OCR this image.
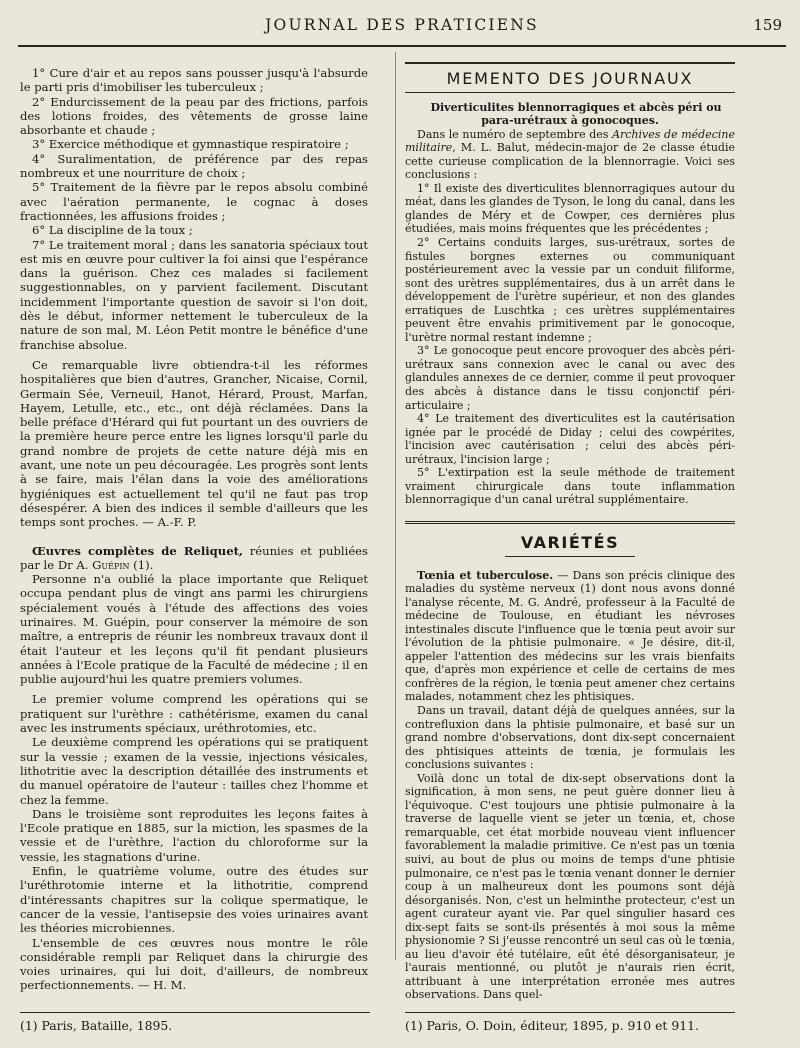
JOURNAL DES PRATICIENS	159

1° Cure d'air et au repos sans pousser jusqu'à l'absurde le parti pris d'imobiliser les tuberculeux ;

2° Endurcissement de la peau par des frictions, parfois des lotions froides, des vêtements de grosse laine absorbante et chaude ;

3° Exercice méthodique et gymnastique respiratoire ;

4° Suralimentation, de préférence par des repas nombreux et une nourriture de choix ;

5° Traitement de la fièvre par le repos absolu combiné avec l'aération permanente, le cognac à doses fractionnées, les affusions froides ;

6° La discipline de la toux ;

7° Le traitement moral ; dans les sanatoria spéciaux tout est mis en œuvre pour cultiver la foi ainsi que l'espérance dans la guérison. Chez ces malades si facilement suggestionnables, on y parvient facilement. Discutant incidemment l'importante question de savoir si l'on doit, dès le début, informer nettement le tuberculeux de la nature de son mal, M. Léon Petit montre le bénéfice d'une franchise absolue.

Ce remarquable livre obtiendra-t-il les réformes hospitalières que bien d'autres, Grancher, Nicaise, Cornil, Germain Sée, Verneuil, Hanot, Hérard, Proust, Marfan, Hayem, Letulle, etc., etc., ont déjà réclamées. Dans la belle préface d'Hérard qui fut pourtant un des ouvriers de la première heure perce entre les lignes lorsqu'il parle du grand nombre de projets de cette nature déjà mis en avant, une note un peu découragée. Les progrès sont lents à se faire, mais l'élan dans la voie des améliorations hygiéniques est actuellement tel qu'il ne faut pas trop désespérer. A bien des indices il semble d'ailleurs que les temps sont proches. — A.-F. P.

Œuvres complètes de Reliquet, réunies et publiées par le Dr A. Guépin (1).

Personne n'a oublié la place importante que Reliquet occupa pendant plus de vingt ans parmi les chirurgiens spécialement voués à l'étude des affections des voies urinaires. M. Guépin, pour conserver la mémoire de son maître, a entrepris de réunir les nombreux travaux dont il était l'auteur et les leçons qu'il fit pendant plusieurs années à l'Ecole pratique de la Faculté de médecine ; il en publie aujourd'hui les quatre premiers volumes.

Le premier volume comprend les opérations qui se pratiquent sur l'urèthre : cathétérisme, examen du canal avec les instruments spéciaux, uréthrotomies, etc.

Le deuxième comprend les opérations qui se pratiquent sur la vessie ; examen de la vessie, injections vésicales, lithotritie avec la description détaillée des instruments et du manuel opératoire de l'auteur : tailles chez l'homme et chez la femme.

Dans le troisième sont reproduites les leçons faites à l'Ecole pratique en 1885, sur la miction, les spasmes de la vessie et de l'urèthre, l'action du chloroforme sur la vessie, les stagnations d'urine.

Enfin, le quatrième volume, outre des études sur l'uréthrotomie interne et la lithotritie, comprend d'intéressants chapitres sur la colique spermatique, le cancer de la vessie, l'antisepsie des voies urinaires avant les théories microbiennes.

L'ensemble de ces œuvres nous montre le rôle considérable rempli par Reliquet dans la chirurgie des voies urinaires, qui lui doit, d'ailleurs, de nombreux perfectionnements. — H. M.

MEMENTO DES JOURNAUX

Diverticulites blennorragiques et abcès péri ou para-urétraux à gonocoques.

Dans le numéro de septembre des Archives de médecine militaire, M. L. Balut, médecin-major de 2e classe étudie cette curieuse complication de la blennorragie. Voici ses conclusions :

1° Il existe des diverticulites blennorragiques autour du méat, dans les glandes de Tyson, le long du canal, dans les glandes de Méry et de Cowper, ces dernières plus étudiées, mais moins fréquentes que les précédentes ;

2° Certains conduits larges, sus-urétraux, sortes de fistules borgnes externes ou communiquant postérieurement avec la vessie par un conduit filiforme, sont des urètres supplémentaires, dus à un arrêt dans le développement de l'urètre supérieur, et non des glandes erratiques de Luschtka ; ces urètres supplémentaires peuvent être envahis primitivement par le gonocoque, l'urètre normal restant indemne ;

3° Le gonocoque peut encore provoquer des abcès péri-urétraux sans connexion avec le canal ou avec des glandules annexes de ce dernier, comme il peut provoquer des abcès à distance dans le tissu conjonctif péri- articulaire ;

4° Le traitement des diverticulites est la cautérisation ignée par le procédé de Diday ; celui des cowpérites, l'incision avec cautérisation ; celui des abcès péri-urétraux, l'incision large ;

5° L'extirpation est la seule méthode de traitement vraiment chirurgicale dans toute inflammation blennorragique d'un canal urétral supplémentaire.

VARIÉTÉS

Tœnia et tuberculose. — Dans son précis clinique des maladies du système nerveux (1) dont nous avons donné l'analyse récente, M. G. André, professeur à la Faculté de médecine de Toulouse, en étudiant les névroses intestinales discute l'influence que le tœnia peut avoir sur l'évolution de la phtisie pulmonaire. « Je désire, dit-il, appeler l'attention des médecins sur les vrais bienfaits que, d'après mon expérience et celle de certains de mes confrères de la région, le tœnia peut amener chez certains malades, notamment chez les phtisiques.

Dans un travail, datant déjà de quelques années, sur la contrefluxion dans la phtisie pulmonaire, et basé sur un grand nombre d'observations, dont dix-sept concernaient des phtisiques atteints de tœnia, je formulais les conclusions suivantes :

Voilà donc un total de dix-sept observations dont la signification, à mon sens, ne peut guère donner lieu à l'équivoque. C'est toujours une phtisie pulmonaire à la traverse de laquelle vient se jeter un tœnia, et, chose remarquable, cet état morbide nouveau vient influencer favorablement la maladie primitive. Ce n'est pas un tœnia suivi, au bout de plus ou moins de temps d'une phtisie pulmonaire, ce n'est pas le tœnia venant donner le dernier coup à un malheureux dont les poumons sont déjà désorganisés. Non, c'est un helminthe protecteur, c'est un agent curateur ayant vie. Par quel singulier hasard ces dix-sept faits se sont-ils présentés à moi sous la même physionomie ? Si j'eusse rencontré un seul cas où le tœnia, au lieu d'avoir été tutélaire, eût été désorganisateur, je l'aurais mentionné, ou plutôt je n'aurais rien écrit, attribuant à une interprétation erronée mes autres observations. Dans quel-

(1) Paris, Bataille, 1895.	(1) Paris, O. Doin, éditeur, 1895, p. 910 et 911.
